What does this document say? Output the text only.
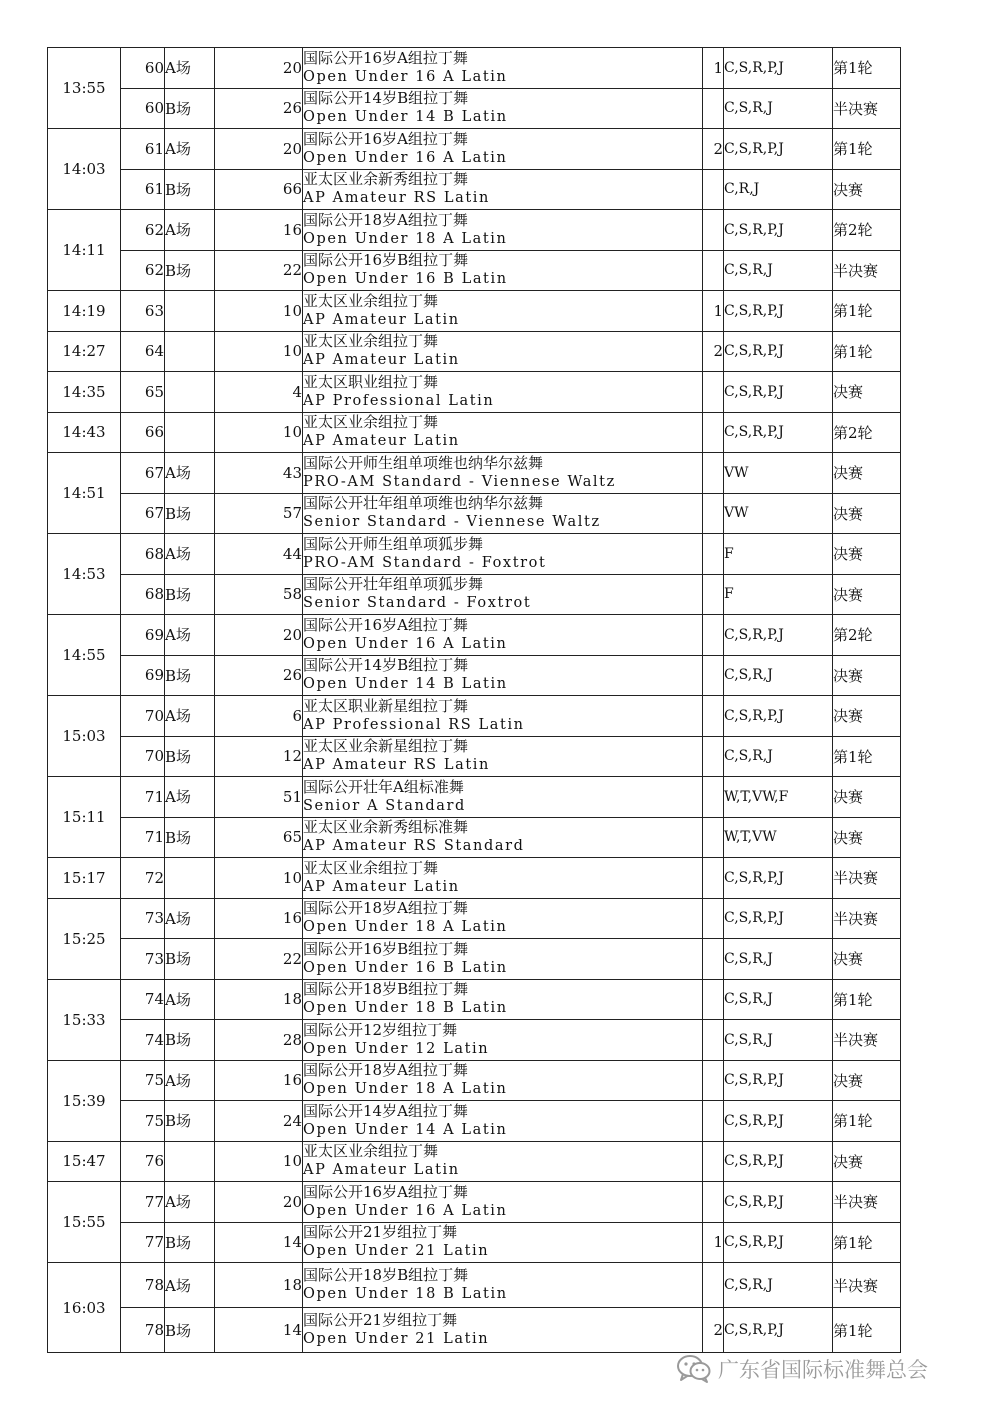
13:55	60	A场	20	国际公开16岁A组拉丁舞
Open Under 16 A Latin	1	C,S,R,P,J	第1轮
	60	B场	26	国际公开14岁B组拉丁舞
Open Under 14 B Latin		C,S,R,J	半决赛
14:03	61	A场	20	国际公开16岁A组拉丁舞
Open Under 16 A Latin	2	C,S,R,P,J	第1轮
	61	B场	66	亚太区业余新秀组拉丁舞
AP Amateur RS Latin		C,R,J	决赛
14:11	62	A场	16	国际公开18岁A组拉丁舞
Open Under 18 A Latin		C,S,R,P,J	第2轮
	62	B场	22	国际公开16岁B组拉丁舞
Open Under 16 B Latin		C,S,R,J	半决赛
14:19	63		10	亚太区业余组拉丁舞
AP Amateur Latin	1	C,S,R,P,J	第1轮
14:27	64		10	亚太区业余组拉丁舞
AP Amateur Latin	2	C,S,R,P,J	第1轮
14:35	65		4	亚太区职业组拉丁舞
AP Professional Latin		C,S,R,P,J	决赛
14:43	66		10	亚太区业余组拉丁舞
AP Amateur Latin		C,S,R,P,J	第2轮
14:51	67	A场	43	国际公开师生组单项维也纳华尔兹舞
PRO-AM Standard - Viennese Waltz		VW	决赛
	67	B场	57	国际公开壮年组单项维也纳华尔兹舞
Senior Standard - Viennese Waltz		VW	决赛
14:53	68	A场	44	国际公开师生组单项狐步舞
PRO-AM Standard - Foxtrot		F	决赛
	68	B场	58	国际公开壮年组单项狐步舞
Senior Standard - Foxtrot		F	决赛
14:55	69	A场	20	国际公开16岁A组拉丁舞
Open Under 16 A Latin		C,S,R,P,J	第2轮
	69	B场	26	国际公开14岁B组拉丁舞
Open Under 14 B Latin		C,S,R,J	决赛
15:03	70	A场	6	亚太区职业新星组拉丁舞
AP Professional RS Latin		C,S,R,P,J	决赛
	70	B场	12	亚太区业余新星组拉丁舞
AP Amateur RS Latin		C,S,R,J	第1轮
15:11	71	A场	51	国际公开壮年A组标准舞
Senior A Standard		W,T,VW,F	决赛
	71	B场	65	亚太区业余新秀组标准舞
AP Amateur RS Standard		W,T,VW	决赛
15:17	72		10	亚太区业余组拉丁舞
AP Amateur Latin		C,S,R,P,J	半决赛
15:25	73	A场	16	国际公开18岁A组拉丁舞
Open Under 18 A Latin		C,S,R,P,J	半决赛
	73	B场	22	国际公开16岁B组拉丁舞
Open Under 16 B Latin		C,S,R,J	决赛
15:33	74	A场	18	国际公开18岁B组拉丁舞
Open Under 18 B Latin		C,S,R,J	第1轮
	74	B场	28	国际公开12岁组拉丁舞
Open Under 12 Latin		C,S,R,J	半决赛
15:39	75	A场	16	国际公开18岁A组拉丁舞
Open Under 18 A Latin		C,S,R,P,J	决赛
	75	B场	24	国际公开14岁A组拉丁舞
Open Under 14 A Latin		C,S,R,P,J	第1轮
15:47	76		10	亚太区业余组拉丁舞
AP Amateur Latin		C,S,R,P,J	决赛
15:55	77	A场	20	国际公开16岁A组拉丁舞
Open Under 16 A Latin		C,S,R,P,J	半决赛
	77	B场	14	国际公开21岁组拉丁舞
Open Under 21 Latin	1	C,S,R,P,J	第1轮
16:03	78	A场	18	国际公开18岁B组拉丁舞
Open Under 18 B Latin		C,S,R,J	半决赛
	78	B场	14	国际公开21岁组拉丁舞
Open Under 21 Latin	2	C,S,R,P,J	第1轮
广东省国际标准舞总会
